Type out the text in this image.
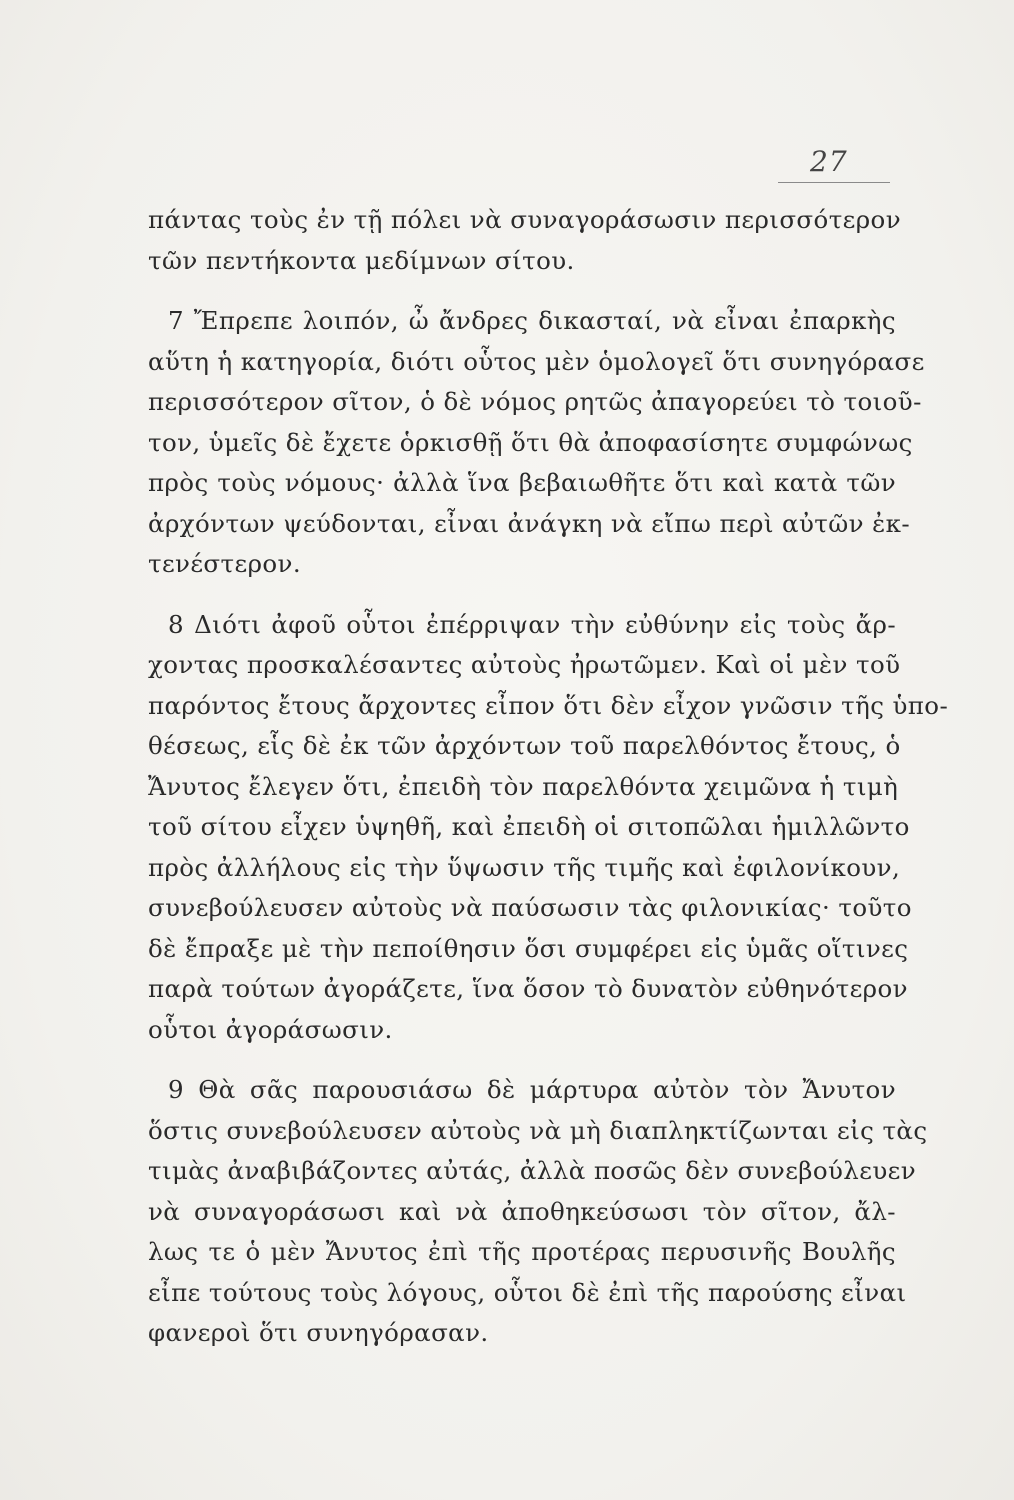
27
πάντας τοὺς ἐν τῇ πόλει νὰ συναγοράσωσιν περισσότερον
τῶν πεντήκοντα μεδίμνων σίτου.
7 Ἔπρεπε λοιπόν, ὦ ἄνδρες δικασταί, νὰ εἶναι ἐπαρκὴς
αὕτη ἡ κατηγορία, διότι οὗτος μὲν ὁμολογεῖ ὅτι συνηγόρασε
περισσότερον σῖτον, ὁ δὲ νόμος ρητῶς ἀπαγορεύει τὸ τοιοῦ-
τον, ὑμεῖς δὲ ἔχετε ὁρκισθῇ ὅτι θὰ ἀποφασίσητε συμφώνως
πρὸς τοὺς νόμους· ἀλλὰ ἵνα βεβαιωθῆτε ὅτι καὶ κατὰ τῶν
ἀρχόντων ψεύδονται, εἶναι ἀνάγκη νὰ εἴπω περὶ αὐτῶν ἐκ-
τενέστερον.
8 Διότι ἀφοῦ οὗτοι ἐπέρριψαν τὴν εὐθύνην εἰς τοὺς ἄρ-
χοντας προσκαλέσαντες αὐτοὺς ἠρωτῶμεν. Καὶ οἱ μὲν τοῦ
παρόντος ἔτους ἄρχοντες εἶπον ὅτι δὲν εἶχον γνῶσιν τῆς ὑπο-
θέσεως, εἷς δὲ ἐκ τῶν ἀρχόντων τοῦ παρελθόντος ἔτους, ὁ
Ἄνυτος ἔλεγεν ὅτι, ἐπειδὴ τὸν παρελθόντα χειμῶνα ἡ τιμὴ
τοῦ σίτου εἶχεν ὑψηθῆ, καὶ ἐπειδὴ οἱ σιτοπῶλαι ἡμιλλῶντο
πρὸς ἀλλήλους εἰς τὴν ὕψωσιν τῆς τιμῆς καὶ ἐφιλονίκουν,
συνεβούλευσεν αὐτοὺς νὰ παύσωσιν τὰς φιλονικίας· τοῦτο
δὲ ἔπραξε μὲ τὴν πεποίθησιν ὅσι συμφέρει εἰς ὑμᾶς οἵτινες
παρὰ τούτων ἀγοράζετε, ἵνα ὅσον τὸ δυνατὸν εὐθηνότερον
οὗτοι ἀγοράσωσιν.
9 Θὰ σᾶς παρουσιάσω δὲ μάρτυρα αὐτὸν τὸν Ἄνυτον
ὅστις συνεβούλευσεν αὐτοὺς νὰ μὴ διαπληκτίζωνται εἰς τὰς
τιμὰς ἀναβιβάζοντες αὐτάς, ἀλλὰ ποσῶς δὲν συνεβούλευεν
νὰ συναγοράσωσι καὶ νὰ ἀποθηκεύσωσι τὸν σῖτον, ἄλ-
λως τε ὁ μὲν Ἄνυτος ἐπὶ τῆς προτέρας περυσινῆς Βουλῆς
εἶπε τούτους τοὺς λόγους, οὗτοι δὲ ἐπὶ τῆς παρούσης εἶναι
φανεροὶ ὅτι συνηγόρασαν.
